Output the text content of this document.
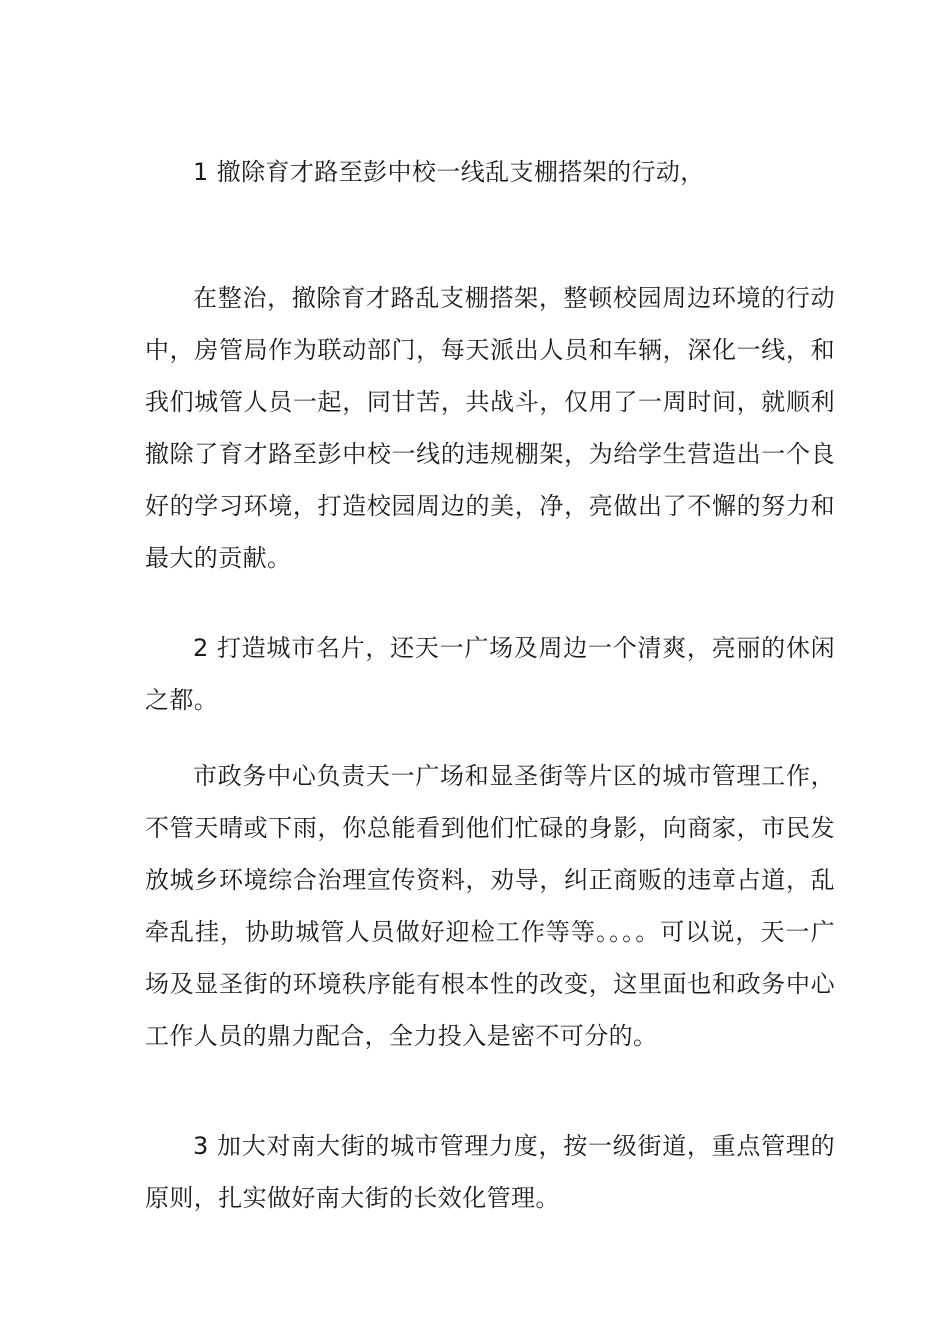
1 撤除育才路至彭中校一线乱支棚搭架的行动，

在整治，撤除育才路乱支棚搭架，整顿校园周边环境的行动中，房管局作为联动部门，每天派出人员和车辆，深化一线，和我们城管人员一起，同甘苦，共战斗，仅用了一周时间，就顺利撤除了育才路至彭中校一线的违规棚架，为给学生营造出一个良好的学习环境，打造校园周边的美，净，亮做出了不懈的努力和最大的贡献。

2 打造城市名片，还天一广场及周边一个清爽，亮丽的休闲之都。

市政务中心负责天一广场和显圣街等片区的城市管理工作，不管天晴或下雨，你总能看到他们忙碌的身影，向商家，市民发放城乡环境综合治理宣传资料，劝导，纠正商贩的违章占道，乱牵乱挂，协助城管人员做好迎检工作等等。。。。可以说，天一广场及显圣街的环境秩序能有根本性的改变，这里面也和政务中心工作人员的鼎力配合，全力投入是密不可分的。

3 加大对南大街的城市管理力度，按一级街道，重点管理的原则，扎实做好南大街的长效化管理。
